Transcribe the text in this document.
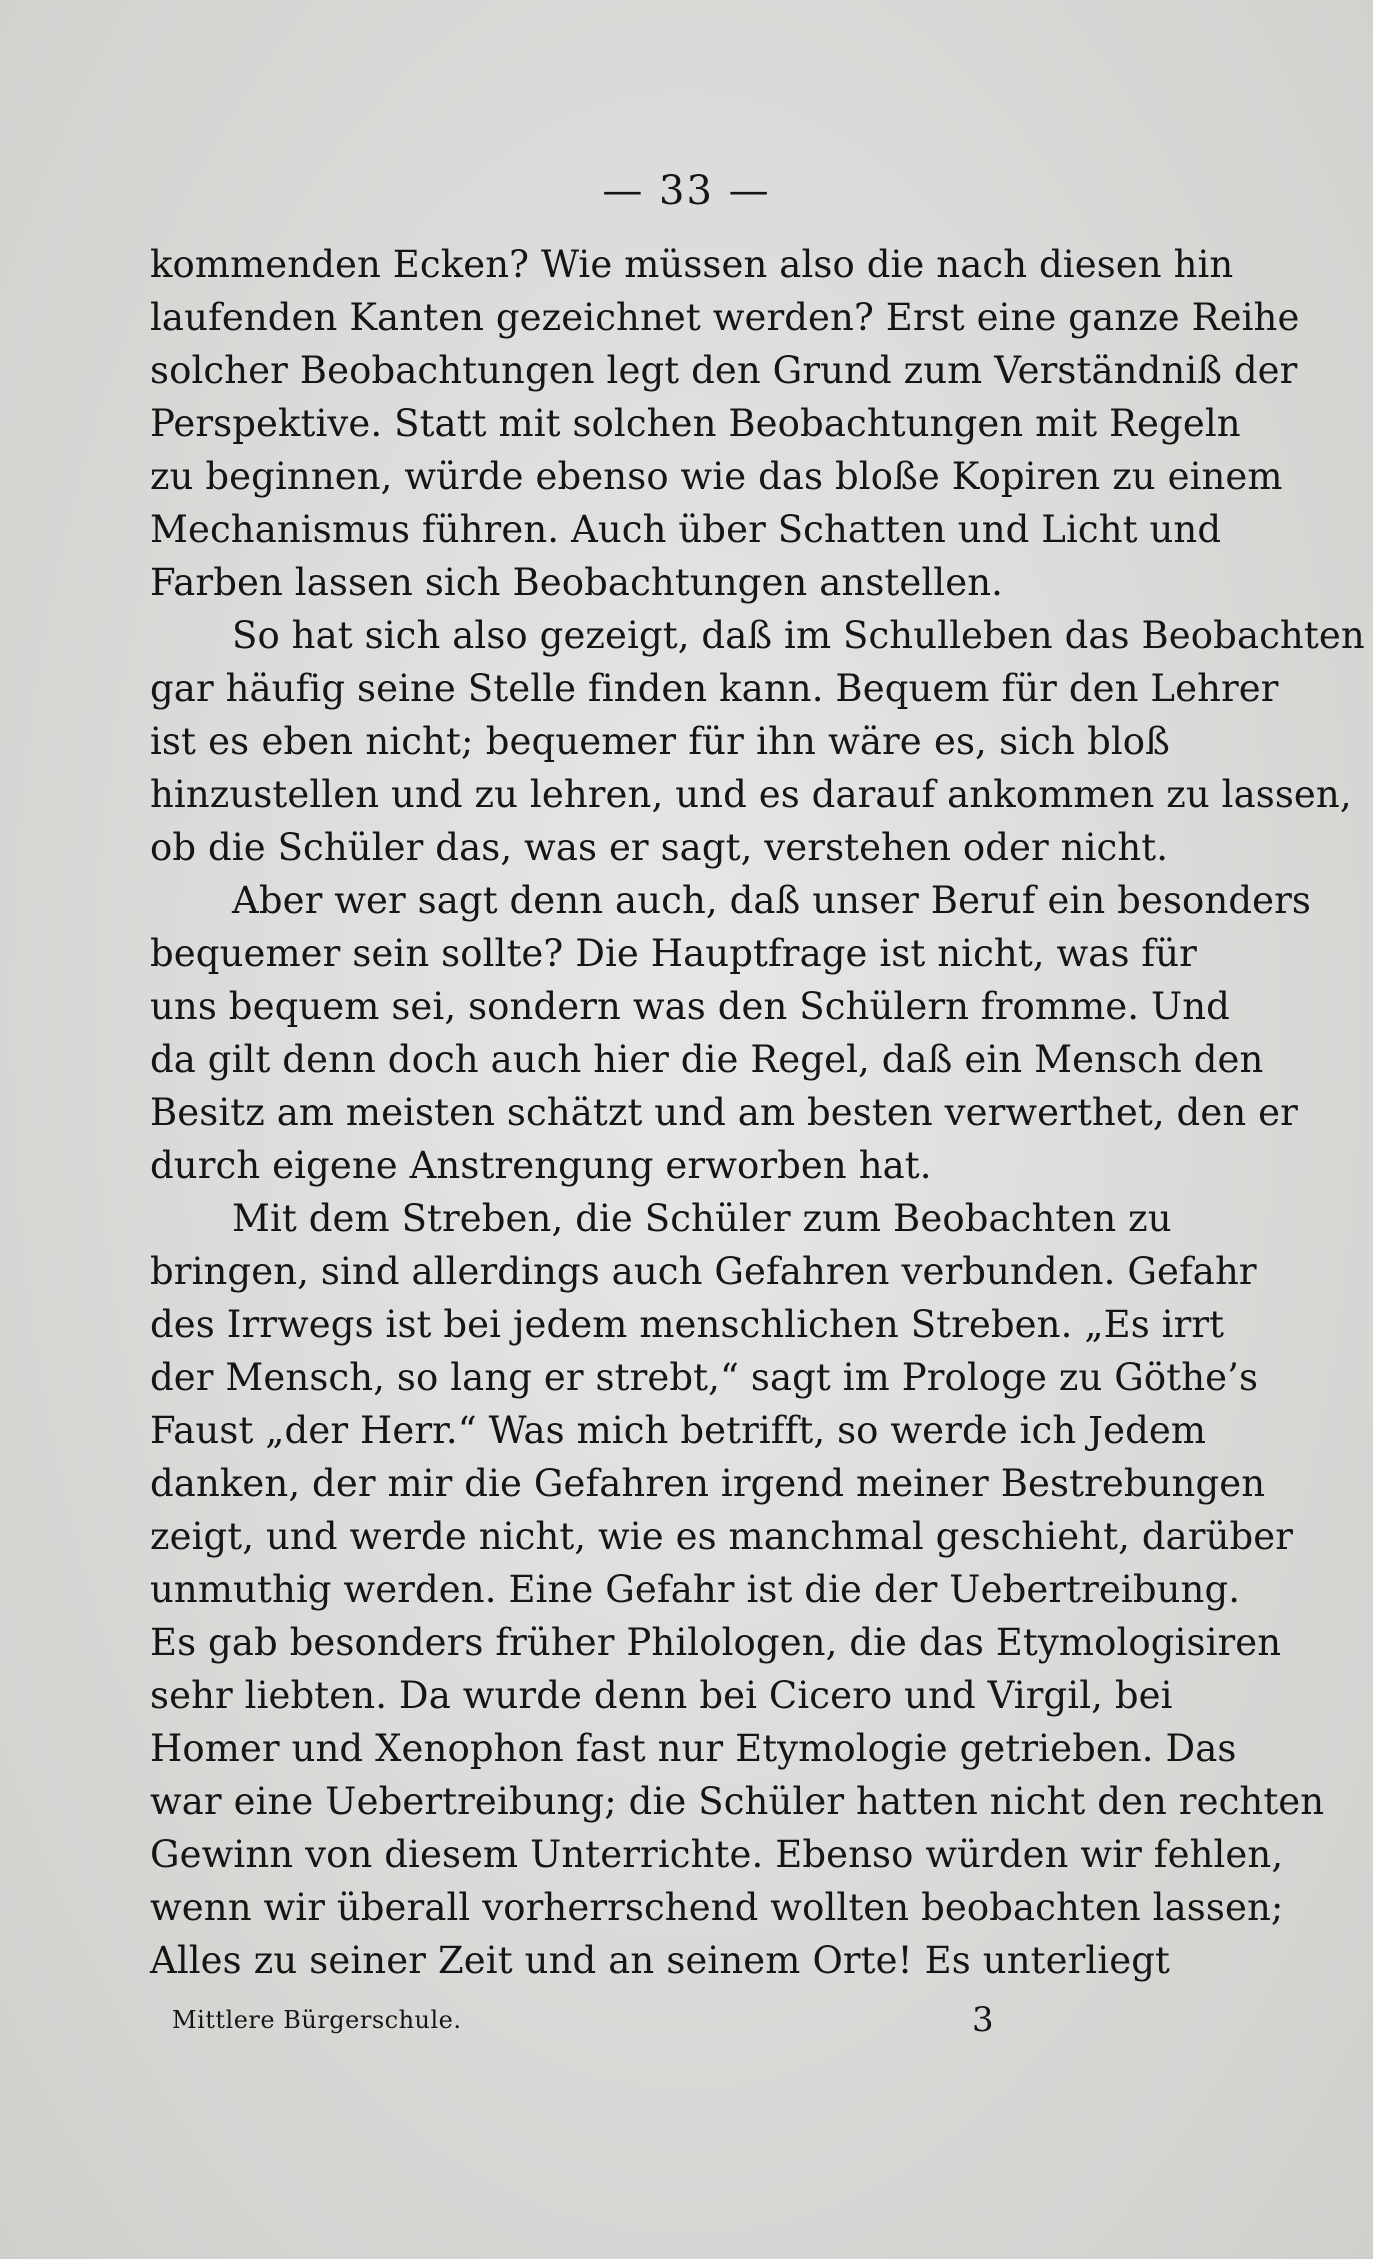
— 33 —
kommenden Ecken? Wie müssen also die nach diesen hin
laufenden Kanten gezeichnet werden? Erst eine ganze Reihe
solcher Beobachtungen legt den Grund zum Verständniß der
Perspektive. Statt mit solchen Beobachtungen mit Regeln
zu beginnen, würde ebenso wie das bloße Kopiren zu einem
Mechanismus führen. Auch über Schatten und Licht und
Farben lassen sich Beobachtungen anstellen.
So hat sich also gezeigt, daß im Schulleben das Beobachten
gar häufig seine Stelle finden kann. Bequem für den Lehrer
ist es eben nicht; bequemer für ihn wäre es, sich bloß
hinzustellen und zu lehren, und es darauf ankommen zu lassen,
ob die Schüler das, was er sagt, verstehen oder nicht.
Aber wer sagt denn auch, daß unser Beruf ein besonders
bequemer sein sollte? Die Hauptfrage ist nicht, was für
uns bequem sei, sondern was den Schülern fromme. Und
da gilt denn doch auch hier die Regel, daß ein Mensch den
Besitz am meisten schätzt und am besten verwerthet, den er
durch eigene Anstrengung erworben hat.
Mit dem Streben, die Schüler zum Beobachten zu
bringen, sind allerdings auch Gefahren verbunden. Gefahr
des Irrwegs ist bei jedem menschlichen Streben. „Es irrt
der Mensch, so lang er strebt,“ sagt im Prologe zu Göthe’s
Faust „der Herr.“ Was mich betrifft, so werde ich Jedem
danken, der mir die Gefahren irgend meiner Bestrebungen
zeigt, und werde nicht, wie es manchmal geschieht, darüber
unmuthig werden. Eine Gefahr ist die der Uebertreibung.
Es gab besonders früher Philologen, die das Etymologisiren
sehr liebten. Da wurde denn bei Cicero und Virgil, bei
Homer und Xenophon fast nur Etymologie getrieben. Das
war eine Uebertreibung; die Schüler hatten nicht den rechten
Gewinn von diesem Unterrichte. Ebenso würden wir fehlen,
wenn wir überall vorherrschend wollten beobachten lassen;
Alles zu seiner Zeit und an seinem Orte! Es unterliegt
Mittlere Bürgerschule.	3
